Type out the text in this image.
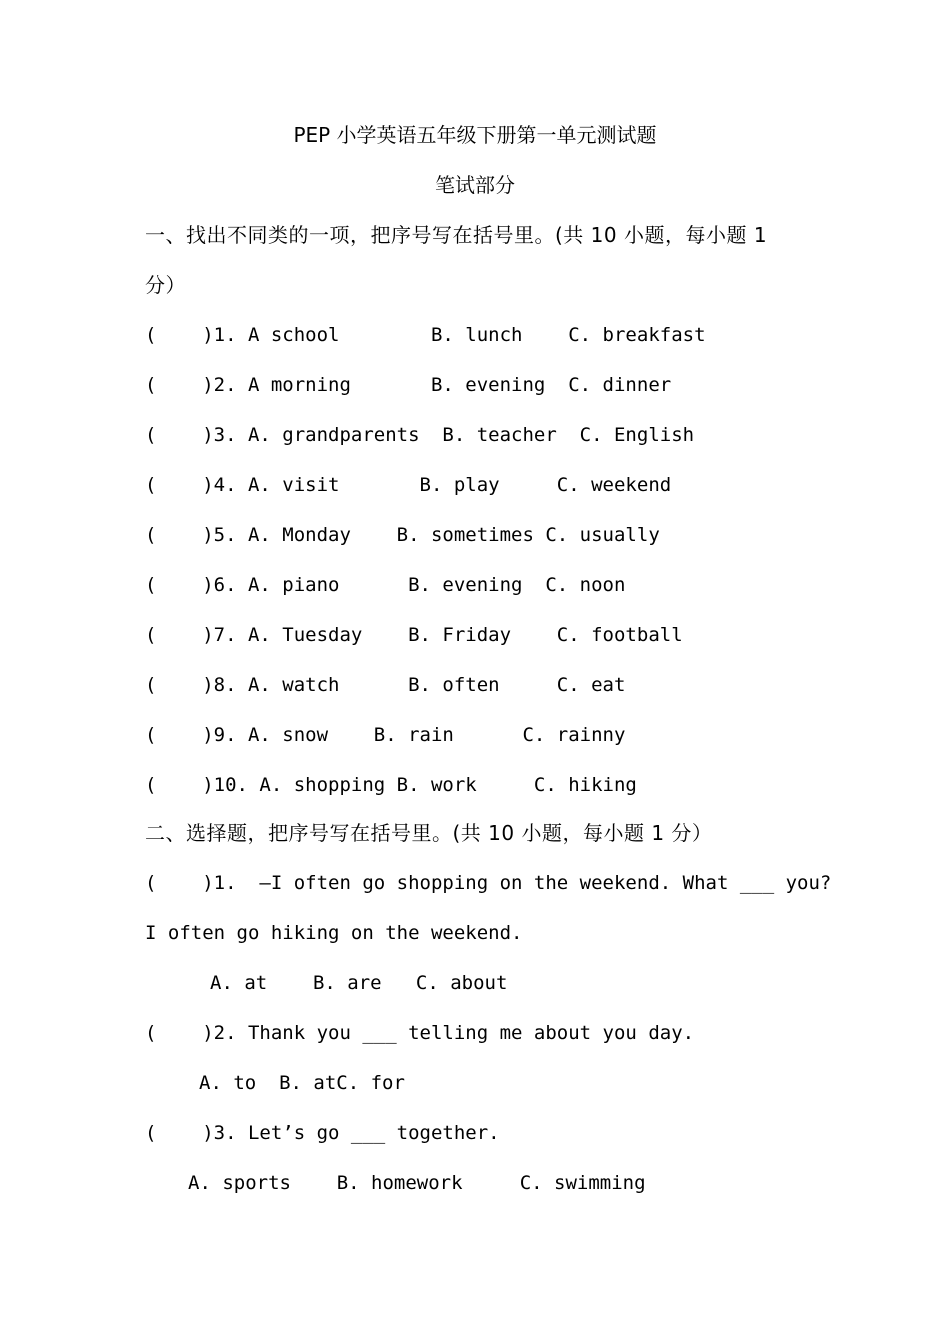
PEP 小学英语五年级下册第一单元测试题
笔试部分
一、找出不同类的一项，把序号写在括号里。(共 10 小题，每小题 1
分）
(    )1. A school        B. lunch    C. breakfast
(    )2. A morning       B. evening  C. dinner
(    )3. A. grandparents  B. teacher  C. English
(    )4. A. visit       B. play     C. weekend
(    )5. A. Monday    B. sometimes C. usually
(    )6. A. piano      B. evening  C. noon
(    )7. A. Tuesday    B. Friday    C. football
(    )8. A. watch      B. often     C. eat
(    )9. A. snow    B. rain      C. rainny
(    )10. A. shopping B. work     C. hiking
二、选择题，把序号写在括号里。(共 10 小题，每小题 1 分）
(    )1.  –I often go shopping on the weekend. What ___ you?
I often go hiking on the weekend.
A. at    B. are   C. about
(    )2. Thank you ___ telling me about you day.
A. to  B. atC. for
(    )3. Let’s go ___ together.
A. sports    B. homework     C. swimming
